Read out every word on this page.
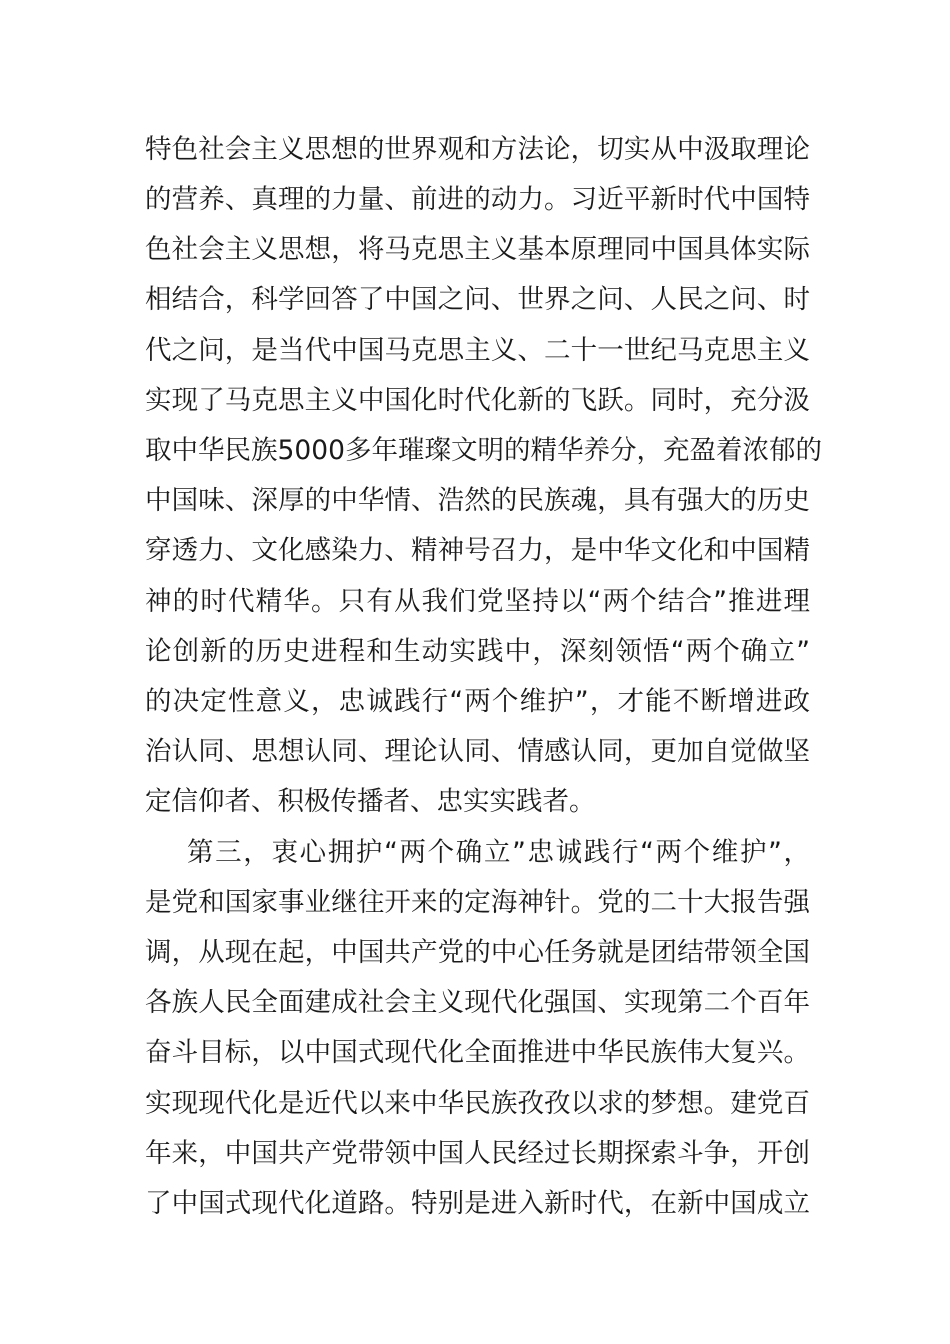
特色社会主义思想的世界观和方法论，切实从中汲取理论
的营养、真理的力量、前进的动力。习近平新时代中国特
色社会主义思想，将马克思主义基本原理同中国具体实际
相结合，科学回答了中国之问、世界之问、人民之问、时
代之问，是当代中国马克思主义、二十一世纪马克思主义
实现了马克思主义中国化时代化新的飞跃。同时，充分汲
取中华民族5000多年璀璨文明的精华养分，充盈着浓郁的
中国味、深厚的中华情、浩然的民族魂，具有强大的历史
穿透力、文化感染力、精神号召力，是中华文化和中国精
神的时代精华。只有从我们党坚持以“两个结合”推进理
论创新的历史进程和生动实践中，深刻领悟“两个确立”
的决定性意义，忠诚践行“两个维护”，才能不断增进政
治认同、思想认同、理论认同、情感认同，更加自觉做坚
定信仰者、积极传播者、忠实实践者。
第三，衷心拥护“两个确立”忠诚践行“两个维护”，
是党和国家事业继往开来的定海神针。党的二十大报告强
调，从现在起，中国共产党的中心任务就是团结带领全国
各族人民全面建成社会主义现代化强国、实现第二个百年
奋斗目标，以中国式现代化全面推进中华民族伟大复兴。
实现现代化是近代以来中华民族孜孜以求的梦想。建党百
年来，中国共产党带领中国人民经过长期探索斗争，开创
了中国式现代化道路。特别是进入新时代，在新中国成立
